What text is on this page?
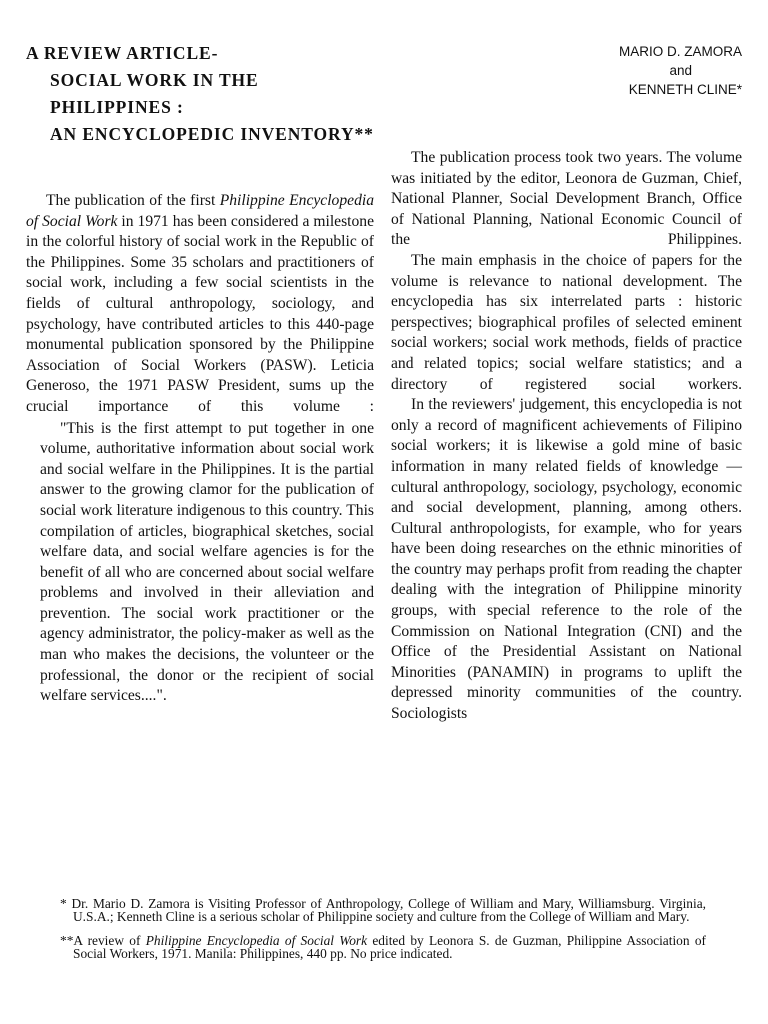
A REVIEW ARTICLE-
SOCIAL WORK IN THE
PHILIPPINES :
AN ENCYCLOPEDIC INVENTORY**
MARIO D. ZAMORA
and
KENNETH CLINE*

The publication of the first Philippine Encyclopedia of Social Work in 1971 has been considered a milestone in the colorful history of social work in the Republic of the Philippines. Some 35 scholars and practitioners of social work, including a few social scientists in the fields of cultural anthropology, sociology, and psychology, have contributed articles to this 440-page monumental publication sponsored by the Philippine Association of Social Workers (PASW). Leticia Generoso, the 1971 PASW President, sums up the crucial importance of this volume :

"This is the first attempt to put together in one volume, authoritative information about social work and social welfare in the Philippines. It is the partial answer to the growing clamor for the publication of social work literature indigenous to this country. This compilation of articles, biographical sketches, social welfare data, and social welfare agencies is for the benefit of all who are concerned about social welfare problems and involved in their alleviation and prevention. The social work practitioner or the agency administrator, the policy-maker as well as the man who makes the decisions, the volunteer or the professional, the donor or the recipient of social welfare services....".

The publication process took two years. The volume was initiated by the editor, Leonora de Guzman, Chief, National Planner, Social Development Branch, Office of National Planning, National Economic Council of the Philippines.

The main emphasis in the choice of papers for the volume is relevance to national development. The encyclopedia has six interrelated parts : historic perspectives; biographical profiles of selected eminent social workers; social work methods, fields of practice and related topics; social welfare statistics; and a directory of registered social workers.

In the reviewers' judgement, this encyclopedia is not only a record of magnificent achievements of Filipino social workers; it is likewise a gold mine of basic information in many related fields of knowledge — cultural anthropology, sociology, psychology, economic and social development, planning, among others. Cultural anthropologists, for example, who for years have been doing researches on the ethnic minorities of the country may perhaps profit from reading the chapter dealing with the integration of Philippine minority groups, with special reference to the role of the Commission on National Integration (CNI) and the Office of the Presidential Assistant on National Minorities (PANAMIN) in programs to uplift the depressed minority communities of the country. Sociologists

* Dr. Mario D. Zamora is Visiting Professor of Anthropology, College of William and Mary, Williamsburg. Virginia, U.S.A.; Kenneth Cline is a serious scholar of Philippine society and culture from the College of William and Mary.

**A review of Philippine Encyclopedia of Social Work edited by Leonora S. de Guzman, Philippine Association of Social Workers, 1971. Manila: Philippines, 440 pp. No price indicated.
